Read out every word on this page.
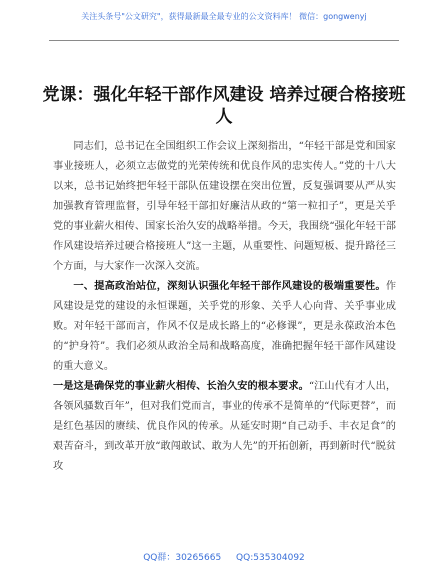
关注头条号"公文研究"，获得最新最全最专业的公文资料库！ 微信：gongwenyj
党课：强化年轻干部作风建设 培养过硬合格接班人

同志们，总书记在全国组织工作会议上深刻指出，“年轻干部是党和国家事业接班人，必须立志做党的光荣传统和优良作风的忠实传人。”党的十八大以来，总书记始终把年轻干部队伍建设摆在突出位置，反复强调要从严从实加强教育管理监督，引导年轻干部扣好廉洁从政的“第一粒扣子”，更是关乎党的事业薪火相传、国家长治久安的战略举措。今天，我围绕“强化年轻干部作风建设培养过硬合格接班人”这一主题，从重要性、问题短板、提升路径三个方面，与大家作一次深入交流。

一、提高政治站位，深刻认识强化年轻干部作风建设的极端重要性。作风建设是党的建设的永恒课题，关乎党的形象、关乎人心向背、关乎事业成败。对年轻干部而言，作风不仅是成长路上的“必修课”，更是永葆政治本色的“护身符”。我们必须从政治全局和战略高度，准确把握年轻干部作风建设的重大意义。

一是这是确保党的事业薪火相传、长治久安的根本要求。“江山代有才人出，各领风骚数百年”，但对我们党而言，事业的传承不是简单的“代际更替”，而是红色基因的赓续、优良作风的传承。从延安时期“自己动手、丰衣足食”的艰苦奋斗，到改革开放“敢闯敢试、敢为人先”的开拓创新，再到新时代“脱贫攻

QQ群：30265665 QQ:535304092
